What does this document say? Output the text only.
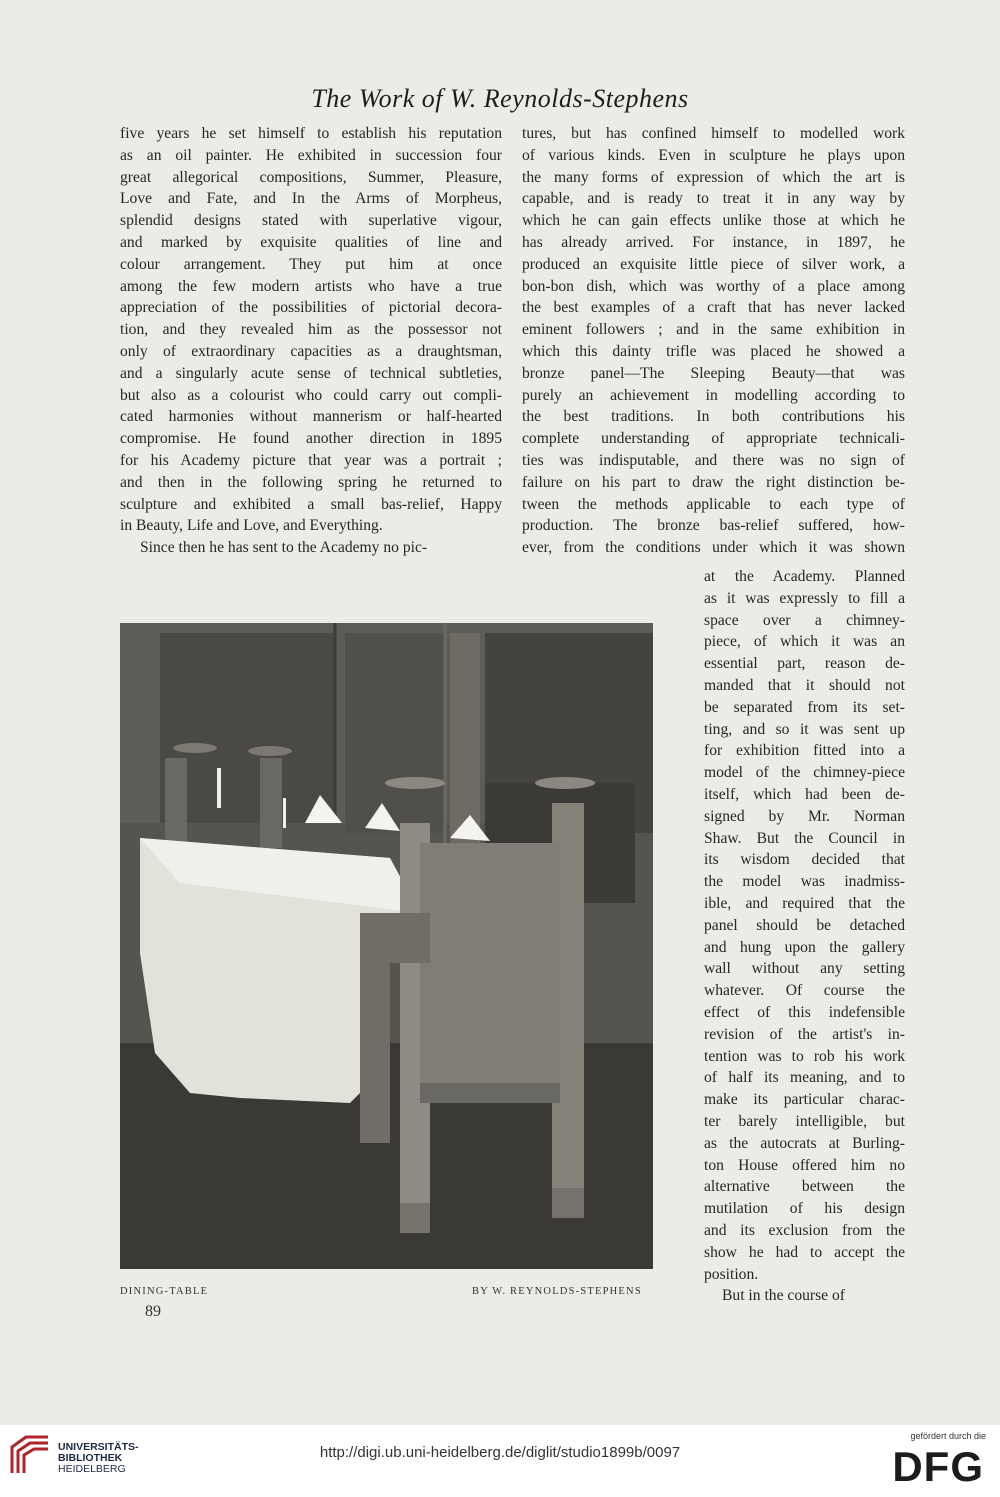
The Work of W. Reynolds-Stephens

five years he set himself to establish his reputation

as an oil painter. He exhibited in succession four

great allegorical compositions, Summer, Pleasure,

Love and Fate, and In the Arms of Morpheus,

splendid designs stated with superlative vigour,

and marked by exquisite qualities of line and

colour arrangement. They put him at once

among the few modern artists who have a true

appreciation of the possibilities of pictorial decora-

tion, and they revealed him as the possessor not

only of extraordinary capacities as a draughtsman,

and a singularly acute sense of technical subtleties,

but also as a colourist who could carry out compli-

cated harmonies without mannerism or half-hearted

compromise. He found another direction in 1895

for his Academy picture that year was a portrait ;

and then in the following spring he returned to

sculpture and exhibited a small bas-relief, Happy

in Beauty, Life and Love, and Everything.

Since then he has sent to the Academy no pic-

tures, but has confined himself to modelled work

of various kinds. Even in sculpture he plays upon

the many forms of expression of which the art is

capable, and is ready to treat it in any way by

which he can gain effects unlike those at which he

has already arrived. For instance, in 1897, he

produced an exquisite little piece of silver work, a

bon-bon dish, which was worthy of a place among

the best examples of a craft that has never lacked

eminent followers ; and in the same exhibition in

which this dainty trifle was placed he showed a

bronze panel—The Sleeping Beauty—that was

purely an achievement in modelling according to

the best traditions. In both contributions his

complete understanding of appropriate technicali-

ties was indisputable, and there was no sign of

failure on his part to draw the right distinction be-

tween the methods applicable to each type of

production. The bronze bas-relief suffered, how-

ever, from the conditions under which it was shown

at the Academy. Planned

as it was expressly to fill a

space over a chimney-

piece, of which it was an

essential part, reason de-

manded that it should not

be separated from its set-

ting, and so it was sent up

for exhibition fitted into a

model of the chimney-piece

itself, which had been de-

signed by Mr. Norman

Shaw. But the Council in

its wisdom decided that

the model was inadmiss-

ible, and required that the

panel should be detached

and hung upon the gallery

wall without any setting

whatever. Of course the

effect of this indefensible

revision of the artist's in-

tention was to rob his work

of half its meaning, and to

make its particular charac-

ter barely intelligible, but

as the autocrats at Burling-

ton House offered him no

alternative between the

mutilation of his design

and its exclusion from the

show he had to accept the

position.

But in the course of

DINING-TABLE	BY W. REYNOLDS-STEPHENS
89
UNIVERSITÄTS-
BIBLIOTHEK
HEIDELBERG
http://digi.ub.uni-heidelberg.de/diglit/studio1899b/0097
gefördert durch die
DFG
